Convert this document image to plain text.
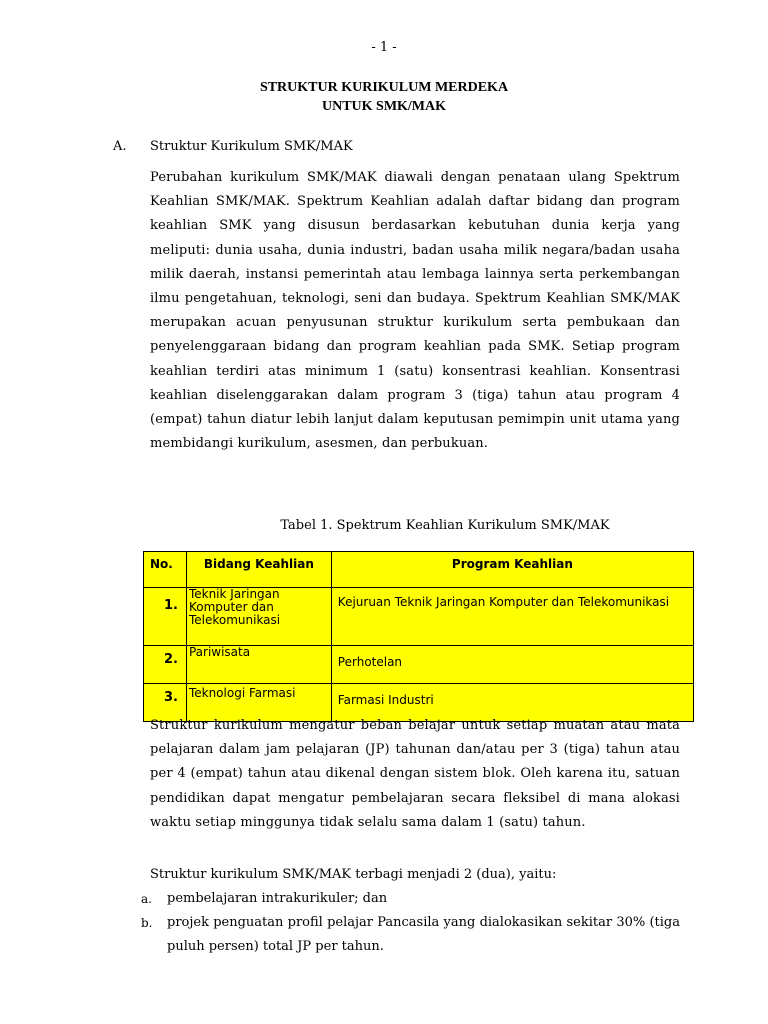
- 1 -
STRUKTUR KURIKULUM MERDEKA
UNTUK SMK/MAK
A. Struktur Kurikulum SMK/MAK
Perubahan kurikulum SMK/MAK diawali dengan penataan ulang Spektrum Keahlian SMK/MAK. Spektrum Keahlian adalah daftar bidang dan program keahlian SMK yang disusun berdasarkan kebutuhan dunia kerja yang meliputi: dunia usaha, dunia industri, badan usaha milik negara/badan usaha milik daerah, instansi pemerintah atau lembaga lainnya serta perkembangan ilmu pengetahuan, teknologi, seni dan budaya. Spektrum Keahlian SMK/MAK merupakan acuan penyusunan struktur kurikulum serta pembukaan dan penyelenggaraan bidang dan program keahlian pada SMK. Setiap program keahlian terdiri atas minimum 1 (satu) konsentrasi keahlian. Konsentrasi keahlian diselenggarakan dalam program 3 (tiga) tahun atau program 4 (empat) tahun diatur lebih lanjut dalam keputusan pemimpin unit utama yang membidangi kurikulum, asesmen, dan perbukuan.
Tabel 1. Spektrum Keahlian Kurikulum SMK/MAK
No.	Bidang Keahlian	Program Keahlian
1.	Teknik Jaringan Komputer dan Telekomunikasi	Kejuruan Teknik Jaringan Komputer dan Telekomunikasi
2.	Pariwisata	Perhotelan
3.	Teknologi Farmasi	Farmasi Industri
Struktur kurikulum mengatur beban belajar untuk setiap muatan atau mata pelajaran dalam jam pelajaran (JP) tahunan dan/atau per 3 (tiga) tahun atau per 4 (empat) tahun atau dikenal dengan sistem blok. Oleh karena itu, satuan pendidikan dapat mengatur pembelajaran secara fleksibel di mana alokasi waktu setiap minggunya tidak selalu sama dalam 1 (satu) tahun.
Struktur kurikulum SMK/MAK terbagi menjadi 2 (dua), yaitu:
a. pembelajaran intrakurikuler; dan
b. projek penguatan profil pelajar Pancasila yang dialokasikan sekitar 30% (tiga puluh persen) total JP per tahun.
